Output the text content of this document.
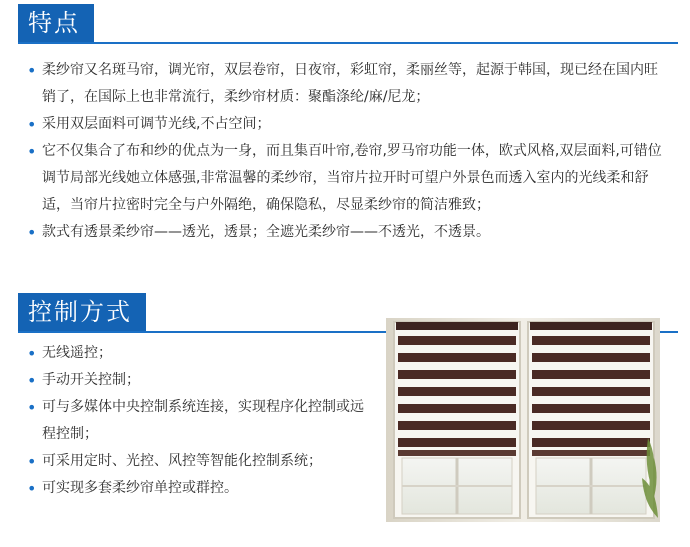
特点
• 柔纱帘又名斑马帘，调光帘，双层卷帘，日夜帘，彩虹帘，柔丽丝等，起源于韩国，现已经在国内旺销了，在国际上也非常流行，柔纱帘材质：聚酯涤纶/麻/尼龙；
• 采用双层面料可调节光线,不占空间；
• 它不仅集合了布和纱的优点为一身，而且集百叶帘,卷帘,罗马帘功能一体，欧式风格,双层面料,可错位调节局部光线她立体感强,非常温馨的柔纱帘，当帘片拉开时可望户外景色而透入室内的光线柔和舒适，当帘片拉密时完全与户外隔绝，确保隐私，尽显柔纱帘的简洁雅致；
• 款式有透景柔纱帘——透光，透景；全遮光柔纱帘——不透光，不透景。
控制方式
• 无线遥控；
• 手动开关控制；
• 可与多媒体中央控制系统连接，实现程序化控制或远程控制；
• 可采用定时、光控、风控等智能化控制系统；
• 可实现多套柔纱帘单控或群控。
